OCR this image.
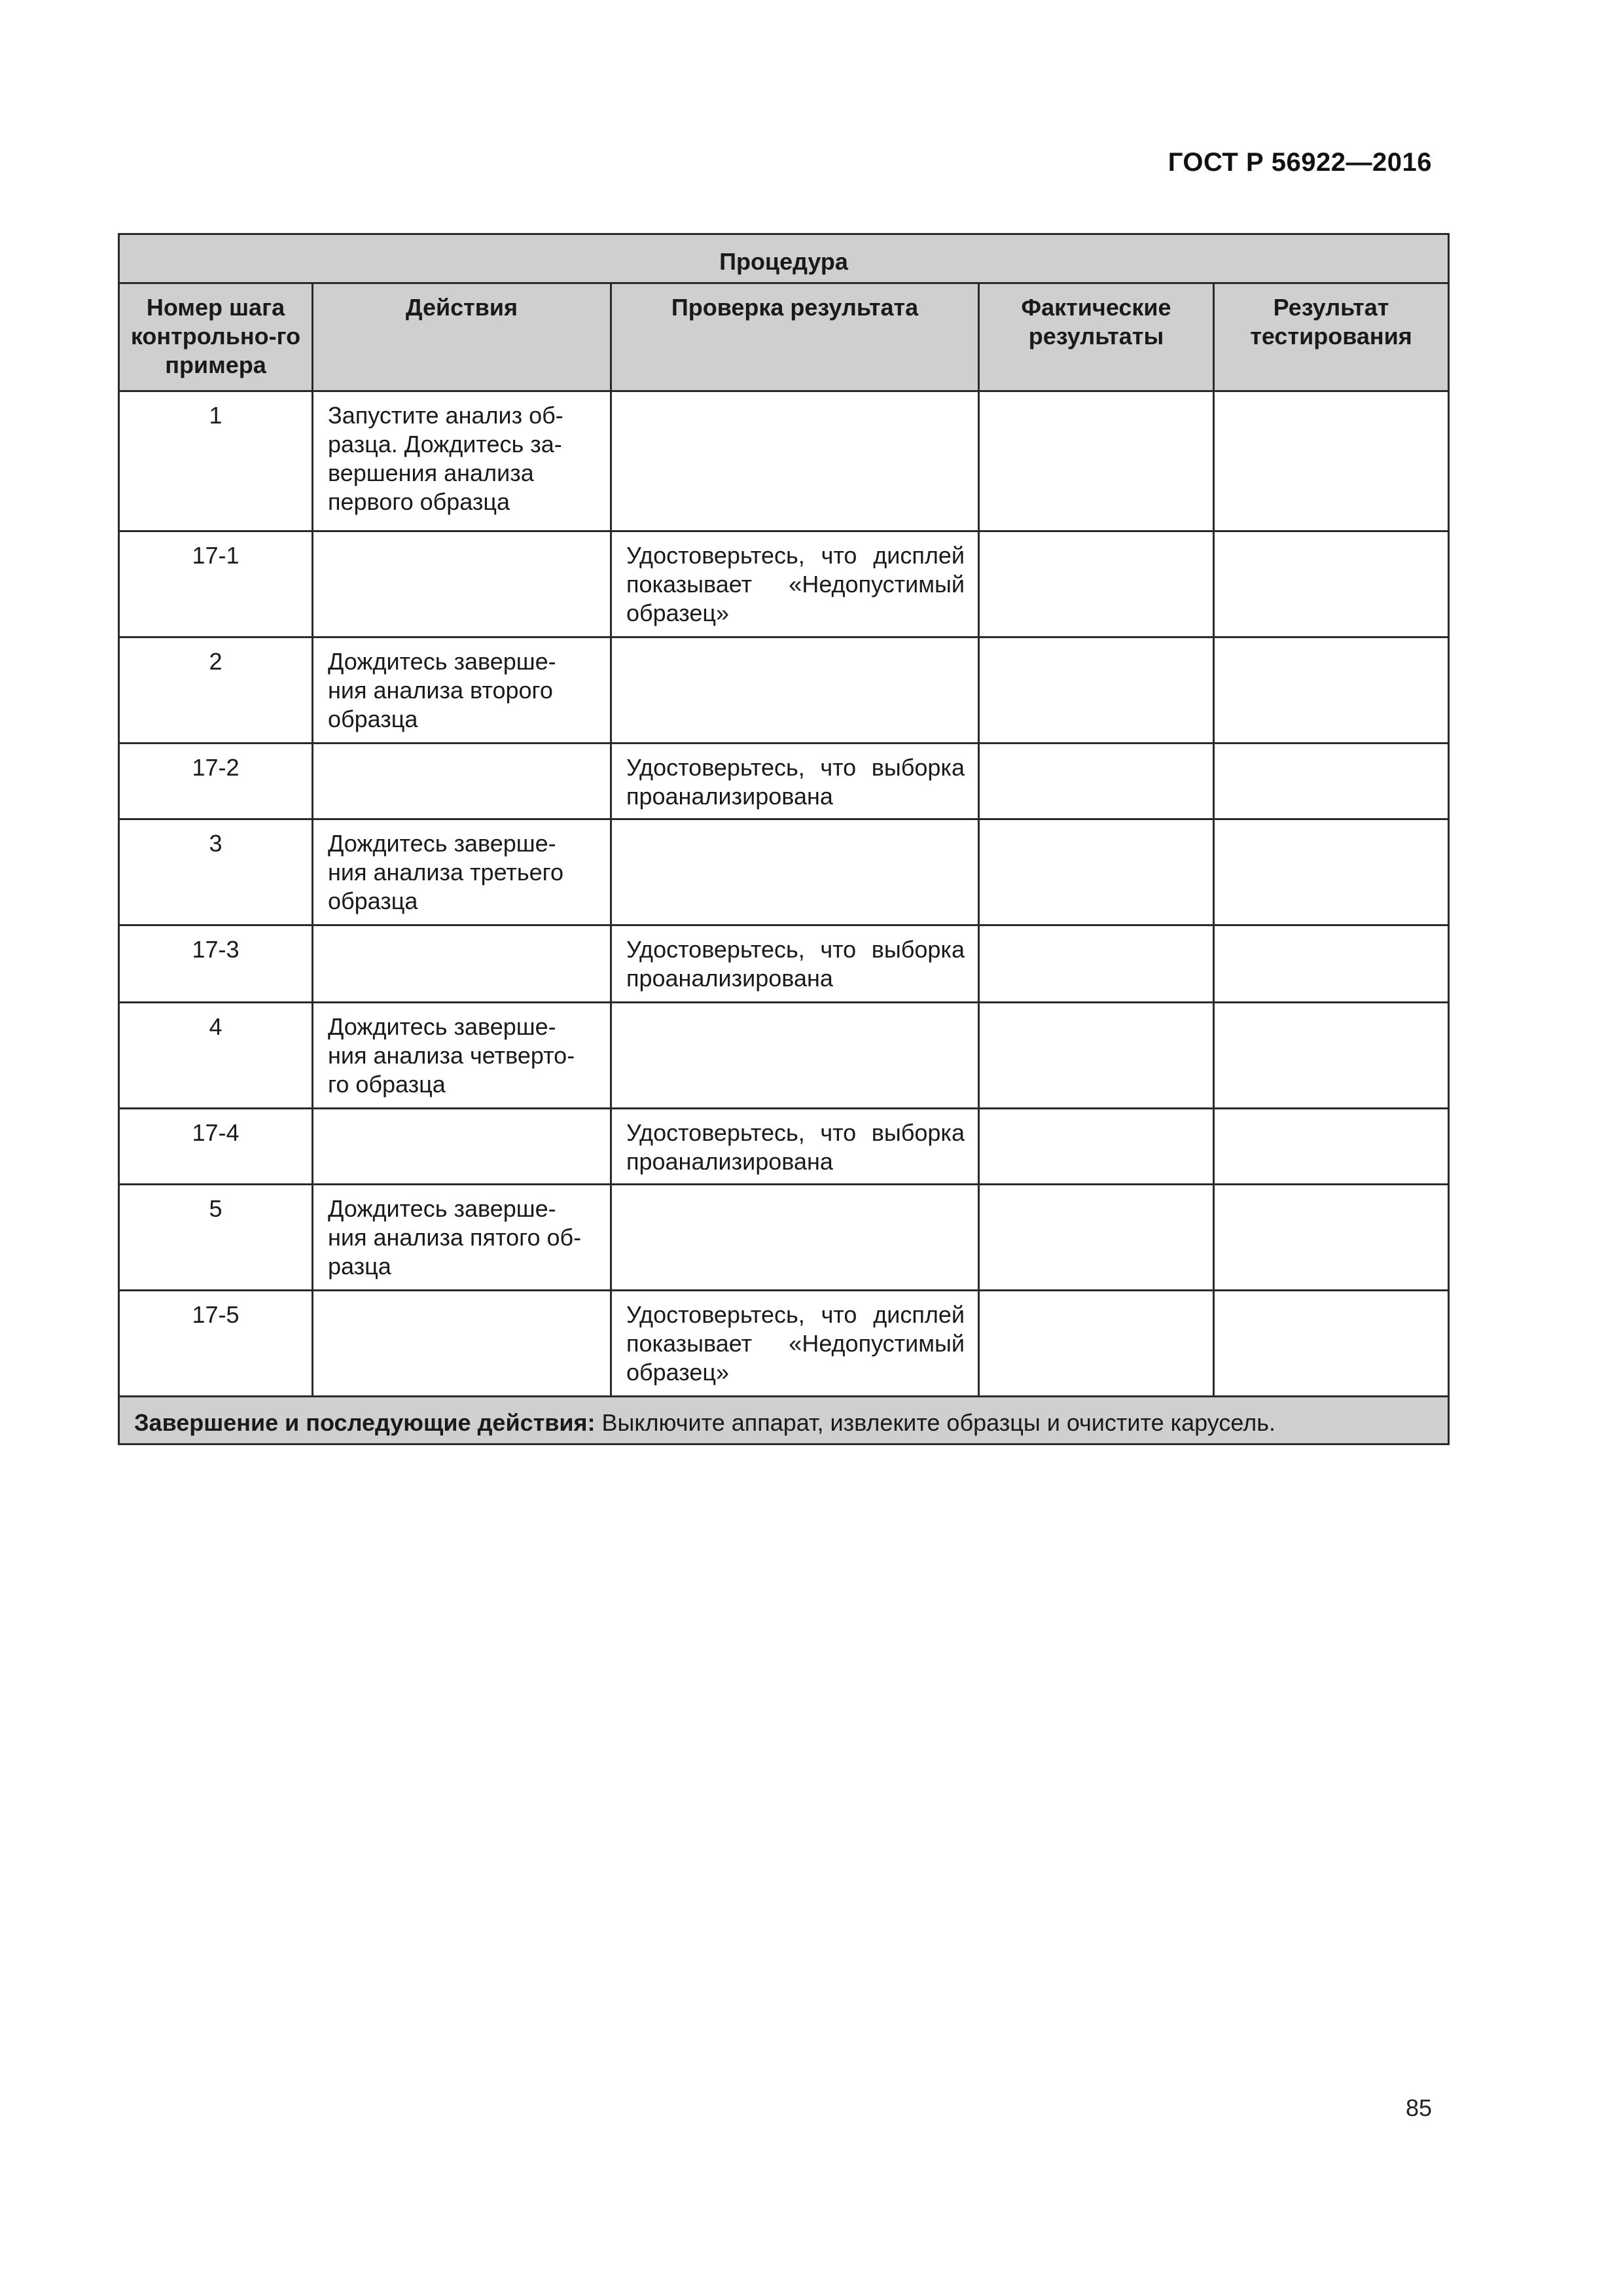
ГОСТ Р 56922—2016
Процедура				

Номер шага контрольно-го примера	Действия	Проверка результата	Фактические результаты	Результат тестирования

1	Запустите анализ об-
разца. Дождитесь за-
вершения анализа
первого образца			

17-1		Удостоверьтесь, что дисплей показывает «Недопустимый образец»		

2	Дождитесь заверше-
ния анализа второго
образца			

17-2		Удостоверьтесь, что выборка проанализирована		

3	Дождитесь заверше-
ния анализа третьего
образца			

17-3		Удостоверьтесь, что выборка проанализирована		

4	Дождитесь заверше-
ния анализа четверто-
го образца			

17-4		Удостоверьтесь, что выборка проанализирована		

5	Дождитесь заверше-
ния анализа пятого об-
разца			

17-5		Удостоверьтесь, что дисплей показывает «Недопустимый образец»		

Завершение и последующие действия: Выключите аппарат, извлеките образцы и очистите карусель.				
85
